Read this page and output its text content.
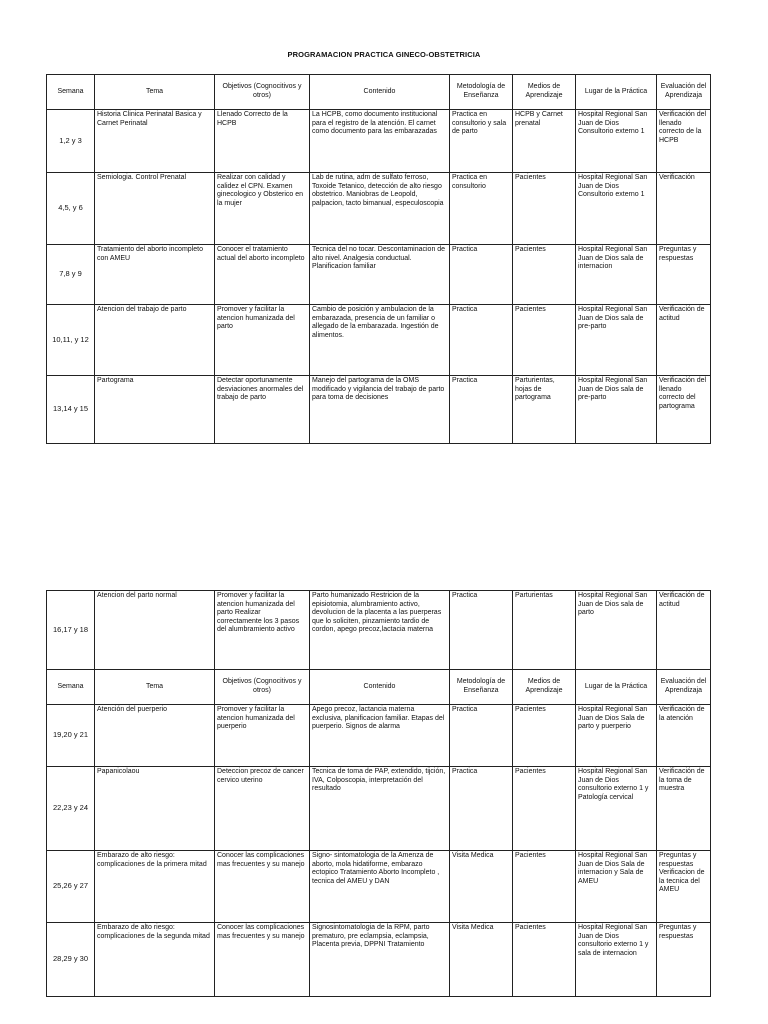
PROGRAMACION PRACTICA GINECO-OBSTETRICIA
Semana	Tema	Objetivos (Cognocitivos y otros)	Contenido	Metodología de Enseñanza	Medios de Aprendizaje	Lugar de la Práctica	Evaluación del Aprendizaja
1,2 y 3	Historia Clinica Perinatal Basica y Carnet Perinatal	Llenado Correcto de la HCPB	La HCPB, como documento institucional para el registro de la atención. El carnet como documento para las embarazadas	Practica en consultorio y sala de parto	HCPB y Carnet prenatal	Hospital Regional San Juan de Dios Consultorio externo 1	Verificación del llenado correcto de la HCPB
4,5, y 6	Semiologia. Control Prenatal	Realizar con calidad y calidez el CPN. Examen ginecologico y Obsterico en la mujer	Lab de rutina, adm de sulfato ferroso, Toxoide Tetanico, detección de alto riesgo obstetrico. Maniobras de Leopold, palpacion, tacto bimanual, especuloscopia	Practica en consultorio	Pacientes	Hospital Regional San Juan de Dios Consultorio externo 1	Verificación
7,8 y 9	Tratamiento del aborto incompleto con AMEU	Conocer el tratamiento actual del aborto incompleto	Tecnica del no tocar. Descontaminacion de alto nivel. Analgesia conductual. Planificacion familiar	Practica	Pacientes	Hospital Regional San Juan de Dios sala de internacion	Preguntas y respuestas
10,11, y 12	Atencion del trabajo de parto	Promover y facilitar la atencion humanizada del parto	Cambio de posición y ambulacion de la embarazada, presencia de un familiar o allegado de la embarazada. Ingestión de alimentos.	Practica	Pacientes	Hospital Regional San Juan de Dios sala de pre-parto	Verificación de actitud
13,14 y 15	Partograma	Detectar oportunamente desviaciones anormales del trabajo de parto	Manejo del partograma de la OMS modificado y vigilancia del trabajo de parto para toma de decisiones	Practica	Parturientas, hojas de partograma	Hospital Regional San Juan de Dios sala de pre-parto	Verificación del llenado correcto del partograma
16,17 y 18	Atencion del parto normal	Promover y facilitar la atencion humanizada del parto Realizar correctamente los 3 pasos del alumbramiento activo	Parto humanizado Restricion de la episiotomia, alumbramiento activo, devolucion de la placenta a las puerperas que lo soliciten, pinzamiento tardio de cordon, apego precoz,lactacia materna	Practica	Parturientas	Hospital Regional San Juan de Dios sala de parto	Verificación de actitud
Semana	Tema	Objetivos (Cognocitivos y otros)	Contenido	Metodología de Enseñanza	Medios de Aprendizaje	Lugar de la Práctica	Evaluación del Aprendizaja
19,20 y 21	Atención del puerperio	Promover y facilitar la atencion humanizada del puerperio	Apego precoz, lactancia materna exclusiva, planificacion familiar. Etapas del puerperio. Signos de alarma	Practica	Pacientes	Hospital Regional San Juan de Dios Sala de parto y puerperio	Verificación de la atención
22,23 y 24	Papanicolaou	Deteccion precoz de cancer cervico uterino	Tecnica de toma de PAP, extendido, tijción, IVA, Colposcopia, interpretación del resultado	Practica	Pacientes	Hospital Regional San Juan de Dios consultorio externo 1 y Patología cervical	Verificación de la toma de muestra
25,26 y 27	Embarazo de alto riesgo: complicaciones de la primera mitad	Conocer las complicaciones mas frecuentes y su manejo	Signo- sintomatologia de la Amenza de aborto, mola hidatiforme, embarazo ectopico Tratamiento Aborto Incompleto , tecnica del AMEU y DAN	Visita Medica	Pacientes	Hospital Regional San Juan de Dios Sala de internacion y Sala de AMEU	Preguntas y respuestas Verificacion de la tecnica del AMEU
28,29 y 30	Embarazo de alto riesgo: complicaciones de la segunda mitad	Conocer las complicaciones mas frecuentes y su manejo	Signosintomatologia de la RPM, parto prematuro, pre eclampsia, eclampsia, Placenta previa, DPPNI Tratamiento	Visita Medica	Pacientes	Hospital Regional San Juan de Dios consultorio externo 1 y sala de internacion	Preguntas y respuestas
